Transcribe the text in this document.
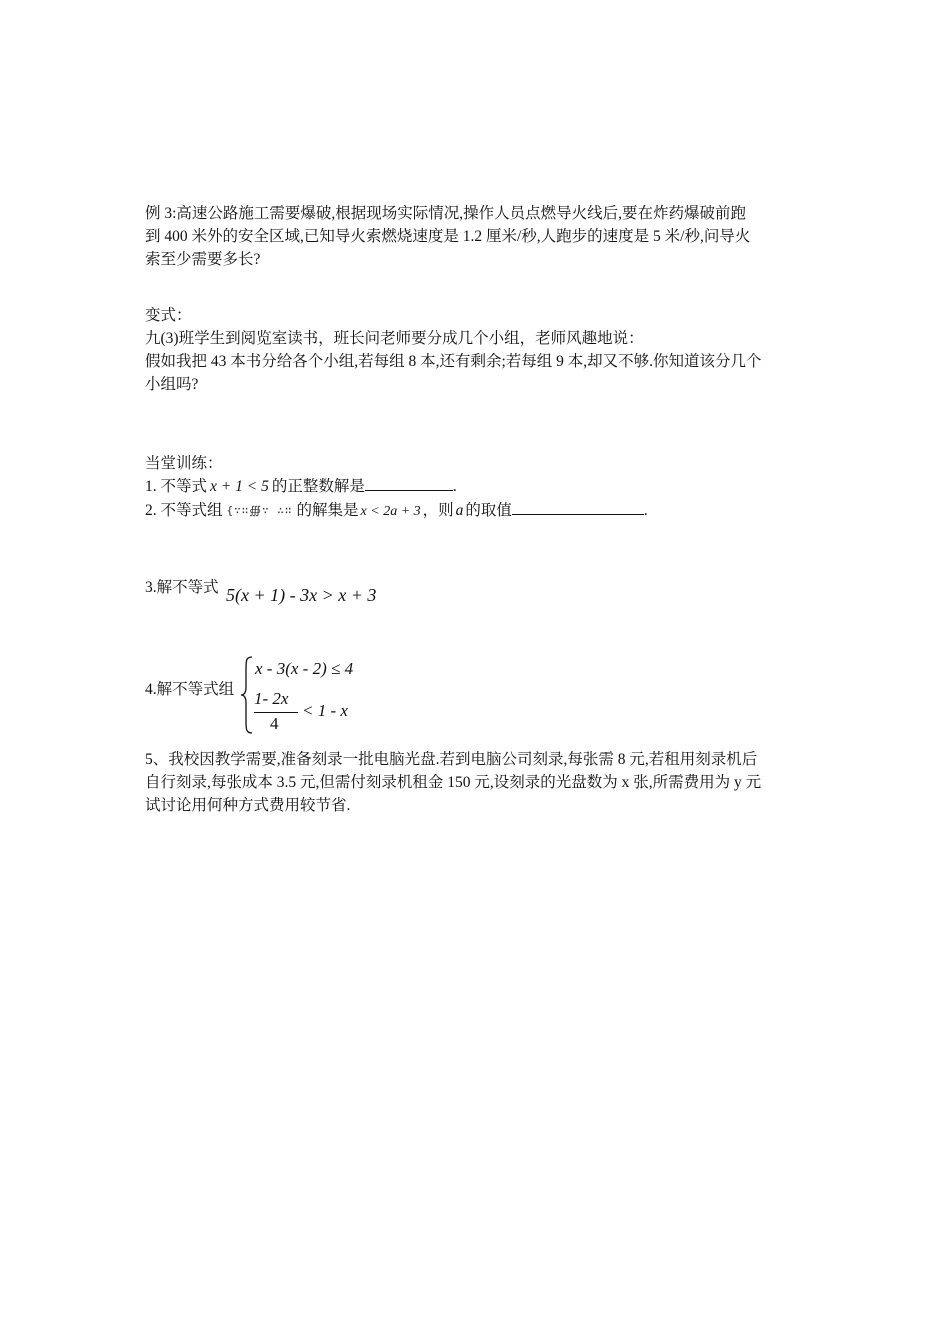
例 3:高速公路施工需要爆破,根据现场实际情况,操作人员点燃导火线后,要在炸药爆破前跑
到 400 米外的安全区域,已知导火索燃烧速度是 1.2 厘米/秒,人跑步的速度是 5 米/秒,问导火
索至少需要多长?
变式：
九(3)班学生到阅览室读书，班长问老师要分成几个小组，老师风趣地说：
假如我把 43 本书分给各个小组,若每组 8 本,还有剩余;若每组 9 本,却又不够.你知道该分几个
小组吗?
当堂训练：
1. 不等式 x + 1 < 5 的正整数解是	.
2. 不等式组 {∵∷∰∵ ∴∷ 的解集是 x < 2a + 3 ，则 a 的取值	.
3.解不等式 5(x + 1) - 3x > x + 3
4.解不等式组
x - 3(x - 2) ≤ 4
1- 2x
4
< 1 - x
5、我校因教学需要,准备刻录一批电脑光盘.若到电脑公司刻录,每张需 8 元,若租用刻录机后
自行刻录,每张成本 3.5 元,但需付刻录机租金 150 元,设刻录的光盘数为 x 张,所需费用为 y 元
试讨论用何种方式费用较节省.
